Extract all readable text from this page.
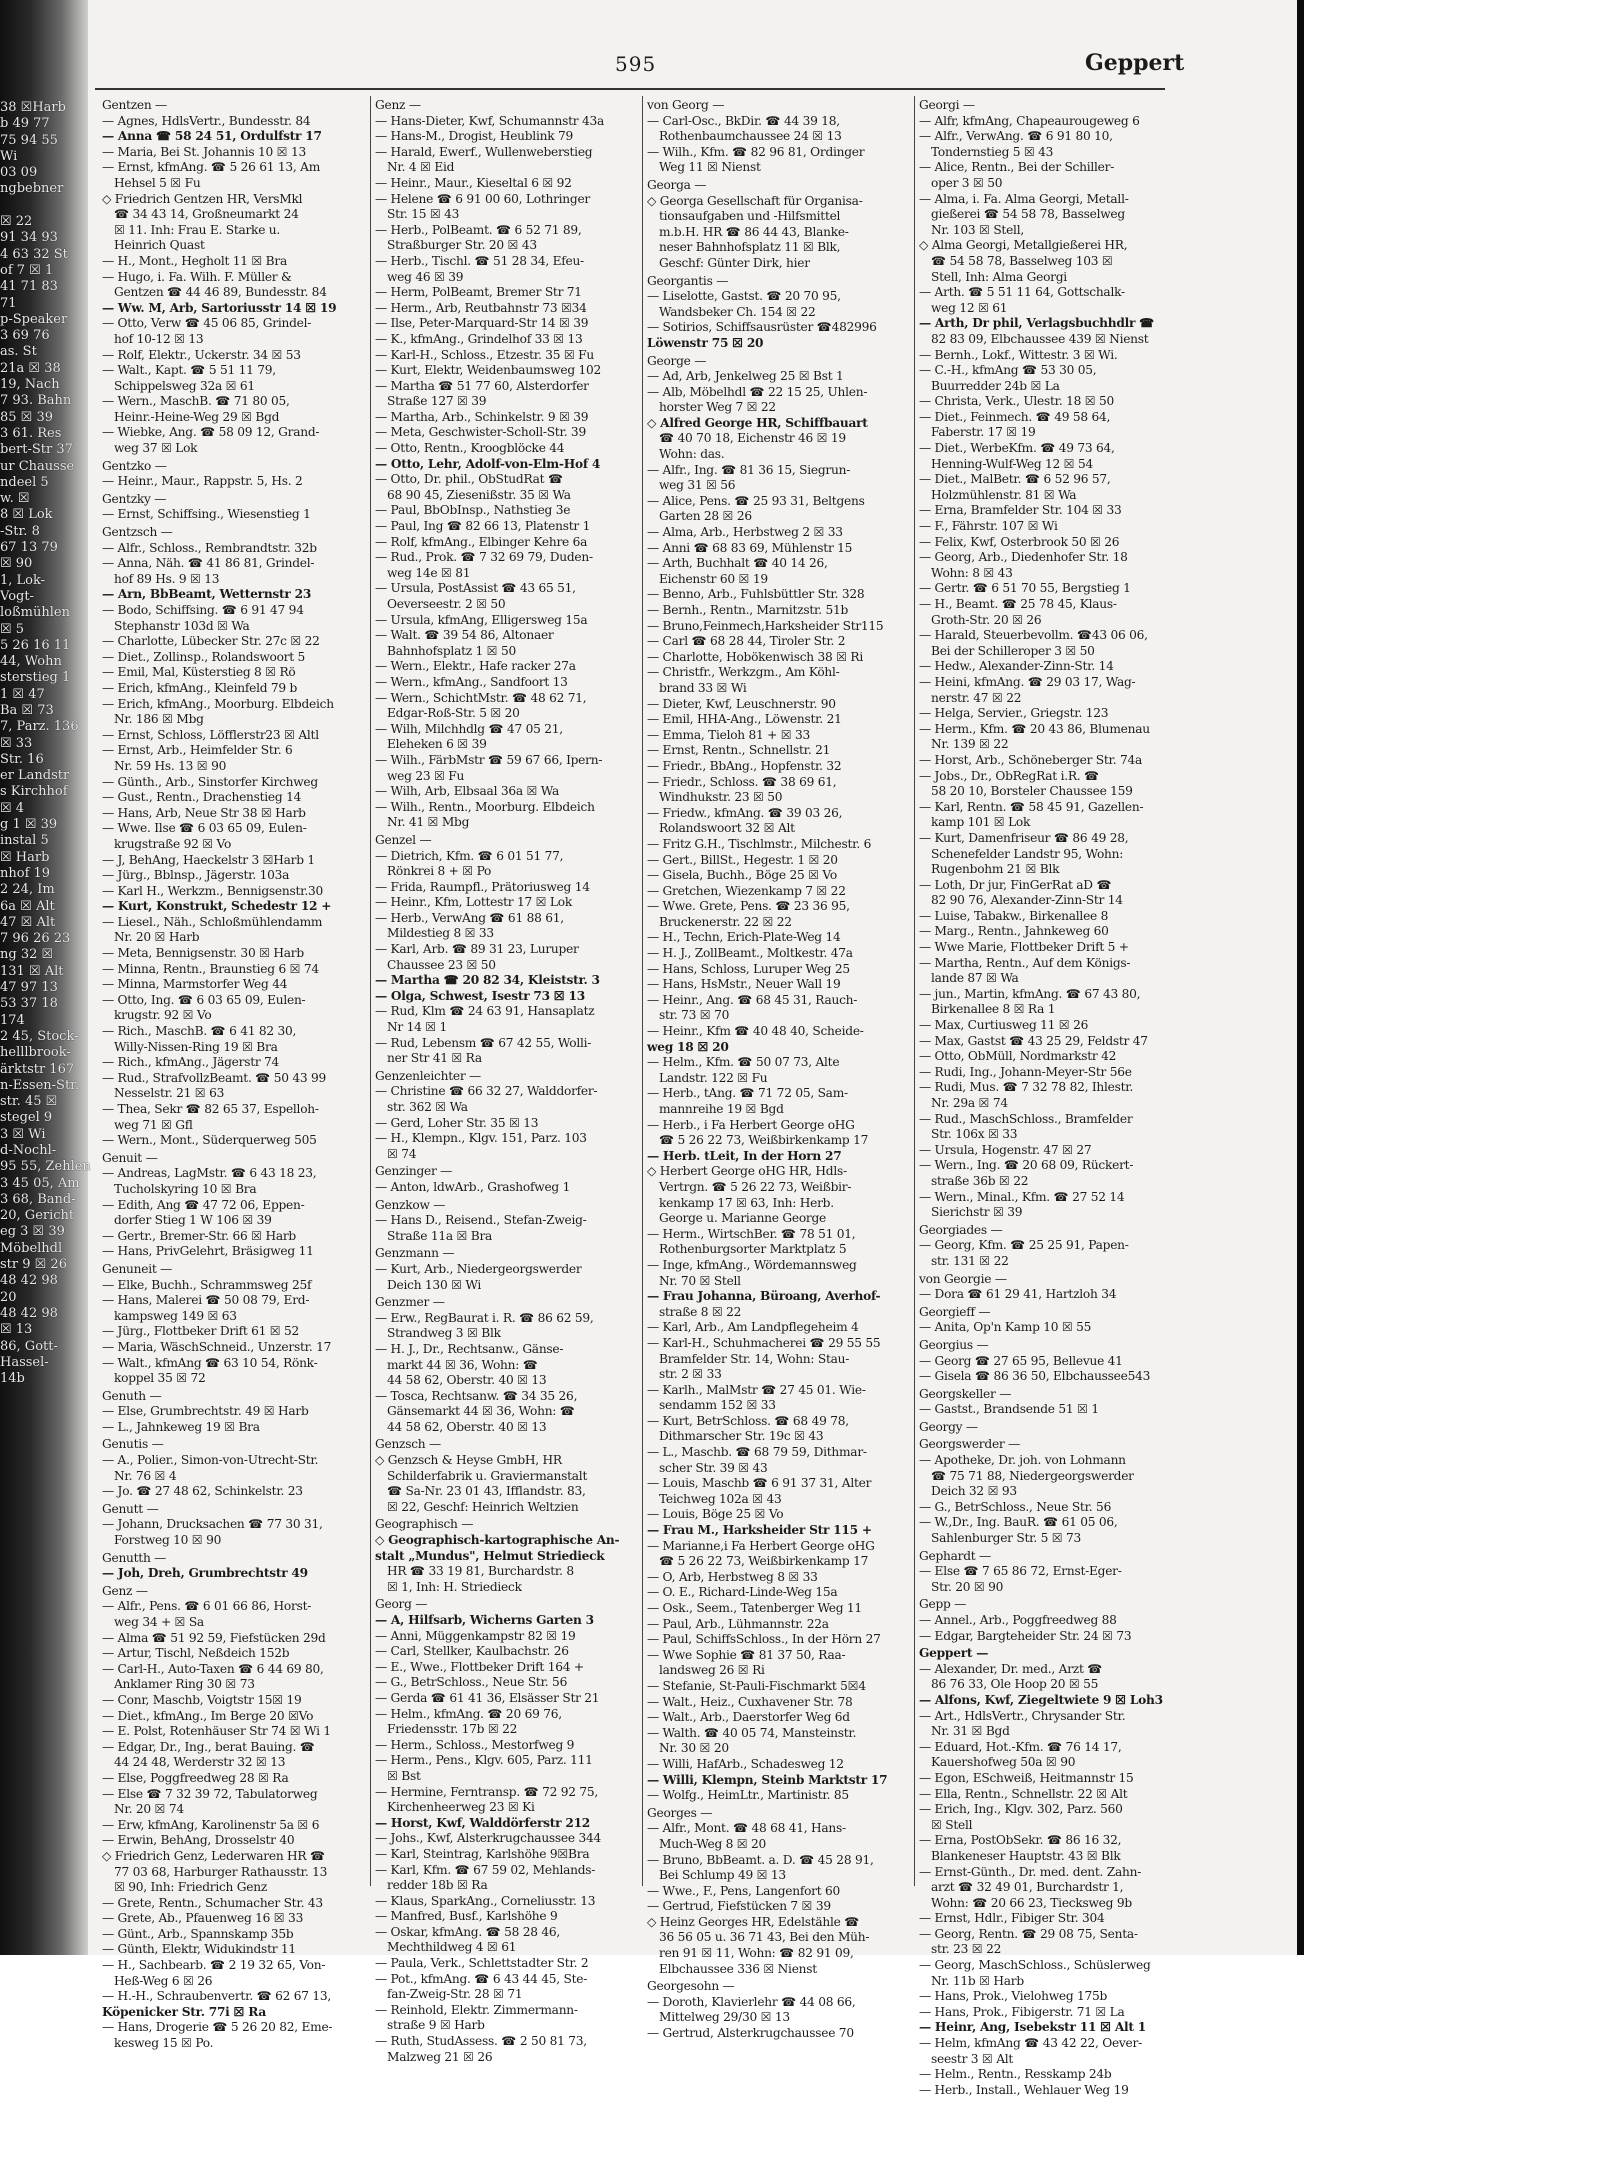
38 ☒Harb
b 49 77
75 94 55
Wi
03 09
ngbebner

☒ 22
91 34 93
4 63 32 St
of 7 ☒ 1
41 71 83
71
p-Speaker
3 69 76
as. St
21a ☒ 38
19, Nach
7 93. Bahn
85 ☒ 39
3 61. Res
bert-Str 37
ur Chausse
ndeel 5
w. ☒
8 ☒ Lok
-Str. 8
67 13 79
☒ 90
1, Lok-
Vogt-
loßmühlen
☒ 5
5 26 16 11
44, Wohn
sterstieg 1
1 ☒ 47
Ba ☒ 73
7, Parz. 136
☒ 33
Str. 16
er Landstr
s Kirchhof
☒ 4
g 1 ☒ 39
instal 5
☒ Harb
nhof 19
2 24, Im
6a ☒ Alt
47 ☒ Alt
7 96 26 23
ng 32 ☒
131 ☒ Alt
47 97 13
53 37 18
174
2 45, Stock-
helllbrook-
ärktstr 167
n-Essen-Str.
str. 45 ☒
stegel 9
3 ☒ Wi
d-Nochl-
95 55, Zehlen
3 45 05, Am
3 68, Band-
20, Gericht
eg 3 ☒ 39
Möbelhdl
str 9 ☒ 26
48 42 98
20
48 42 98
☒ 13
86, Gott-
Hassel-
14b
595	Geppert
Gentzen —
— Agnes, HdlsVertr., Bundesstr. 84
— Anna ☎ 58 24 51, Ordulfstr 17
— Maria, Bei St. Johannis 10 ☒ 13
— Ernst, kfmAng. ☎ 5 26 61 13, Am
Hehsel 5 ☒ Fu
◇ Friedrich Gentzen HR, VersMkl
☎ 34 43 14, Großneumarkt 24
☒ 11. Inh: Frau E. Starke u.
Heinrich Quast
— H., Mont., Hegholt 11 ☒ Bra
— Hugo, i. Fa. Wilh. F. Müller &
Gentzen ☎ 44 46 89, Bundesstr. 84
— Ww. M, Arb, Sartoriusstr 14 ☒ 19
— Otto, Verw ☎ 45 06 85, Grindel-
hof 10-12 ☒ 13
— Rolf, Elektr., Uckerstr. 34 ☒ 53
— Walt., Kapt. ☎ 5 51 11 79,
Schippelsweg 32a ☒ 61
— Wern., MaschB. ☎ 71 80 05,
Heinr.-Heine-Weg 29 ☒ Bgd
— Wiebke, Ang. ☎ 58 09 12, Grand-
weg 37 ☒ Lok
Gentzko —
— Heinr., Maur., Rappstr. 5, Hs. 2
Gentzky —
— Ernst, Schiffsing., Wiesenstieg 1
Gentzsch —
— Alfr., Schloss., Rembrandtstr. 32b
— Anna, Näh. ☎ 41 86 81, Grindel-
hof 89 Hs. 9 ☒ 13
— Arn, BbBeamt, Wetternstr 23
— Bodo, Schiffsing. ☎ 6 91 47 94
Stephanstr 103d ☒ Wa
— Charlotte, Lübecker Str. 27c ☒ 22
— Diet., Zollinsp., Rolandswoort 5
— Emil, Mal, Küsterstieg 8 ☒ Rö
— Erich, kfmAng., Kleinfeld 79 b
— Erich, kfmAng., Moorburg. Elbdeich
Nr. 186 ☒ Mbg
— Ernst, Schloss, Löfflerstr23 ☒ Altl
— Ernst, Arb., Heimfelder Str. 6
Nr. 59 Hs. 13 ☒ 90
— Günth., Arb., Sinstorfer Kirchweg
— Gust., Rentn., Drachenstieg 14
— Hans, Arb, Neue Str 38 ☒ Harb
— Wwe. Ilse ☎ 6 03 65 09, Eulen-
krugstraße 92 ☒ Vo
— J, BehAng, Haeckelstr 3 ☒Harb 1
— Jürg., Bblnsp., Jägerstr. 103a
— Karl H., Werkzm., Bennigsenstr.30
— Kurt, Konstrukt, Schedestr 12 +
— Liesel., Näh., Schloßmühlendamm
Nr. 20 ☒ Harb
— Meta, Bennigsenstr. 30 ☒ Harb
— Minna, Rentn., Braunstieg 6 ☒ 74
— Minna, Marmstorfer Weg 44
— Otto, Ing. ☎ 6 03 65 09, Eulen-
krugstr. 92 ☒ Vo
— Rich., MaschB. ☎ 6 41 82 30,
Willy-Nissen-Ring 19 ☒ Bra
— Rich., kfmAng., Jägerstr 74
— Rud., StrafvollzBeamt. ☎ 50 43 99
Nesselstr. 21 ☒ 63
— Thea, Sekr ☎ 82 65 37, Espelloh-
weg 71 ☒ Gfl
— Wern., Mont., Süderquerweg 505
Genuit —
— Andreas, LagMstr. ☎ 6 43 18 23,
Tucholskyring 10 ☒ Bra
— Edith, Ang ☎ 47 72 06, Eppen-
dorfer Stieg 1 W 106 ☒ 39
— Gertr., Bremer-Str. 66 ☒ Harb
— Hans, PrivGelehrt, Bräsigweg 11
Genuneit —
— Elke, Buchh., Schrammsweg 25f
— Hans, Malerei ☎ 50 08 79, Erd-
kampsweg 149 ☒ 63
— Jürg., Flottbeker Drift 61 ☒ 52
— Maria, WäschSchneid., Unzerstr. 17
— Walt., kfmAng ☎ 63 10 54, Rönk-
koppel 35 ☒ 72
Genuth —
— Else, Grumbrechtstr. 49 ☒ Harb
— L., Jahnkeweg 19 ☒ Bra
Genutis —
— A., Polier., Simon-von-Utrecht-Str.
Nr. 76 ☒ 4
— Jo. ☎ 27 48 62, Schinkelstr. 23
Genutt —
— Johann, Drucksachen ☎ 77 30 31,
Forstweg 10 ☒ 90
Genutth —
— Joh, Dreh, Grumbrechtstr 49
Genz —
— Alfr., Pens. ☎ 6 01 66 86, Horst-
weg 34 + ☒ Sa
— Alma ☎ 51 92 59, Fiefstücken 29d
— Artur, Tischl, Neßdeich 152b
— Carl-H., Auto-Taxen ☎ 6 44 69 80,
Anklamer Ring 30 ☒ 73
— Conr, Maschb, Voigtstr 15☒ 19
— Diet., kfmAng., Im Berge 20 ☒Vo
— E. Polst, Rotenhäuser Str 74 ☒ Wi 1
— Edgar, Dr., Ing., berat Bauing. ☎
44 24 48, Werderstr 32 ☒ 13
— Else, Poggfreedweg 28 ☒ Ra
— Else ☎ 7 32 39 72, Tabulatorweg
Nr. 20 ☒ 74
— Erw, kfmAng, Karolinenstr 5a ☒ 6
— Erwin, BehAng, Drosselstr 40
◇ Friedrich Genz, Lederwaren HR ☎
77 03 68, Harburger Rathausstr. 13
☒ 90, Inh: Friedrich Genz
— Grete, Rentn., Schumacher Str. 43
— Grete, Ab., Pfauenweg 16 ☒ 33
— Günt., Arb., Spannskamp 35b
— Günth, Elektr, Widukindstr 11
— H., Sachbearb. ☎ 2 19 32 65, Von-
Heß-Weg 6 ☒ 26
— H.-H., Schraubenvertr. ☎ 62 67 13,
Köpenicker Str. 77i ☒ Ra
— Hans, Drogerie ☎ 5 26 20 82, Eme-
kesweg 15 ☒ Po.
Genz —
— Hans-Dieter, Kwf, Schumannstr 43a
— Hans-M., Drogist, Heublink 79
— Harald, Ewerf., Wullenweberstieg
Nr. 4 ☒ Eid
— Heinr., Maur., Kieseltal 6 ☒ 92
— Helene ☎ 6 91 00 60, Lothringer
Str. 15 ☒ 43
— Herb., PolBeamt. ☎ 6 52 71 89,
Straßburger Str. 20 ☒ 43
— Herb., Tischl. ☎ 51 28 34, Efeu-
weg 46 ☒ 39
— Herm, PolBeamt, Bremer Str 71
— Herm., Arb, Reutbahnstr 73 ☒34
— Ilse, Peter-Marquard-Str 14 ☒ 39
— K., kfmAng., Grindelhof 33 ☒ 13
— Karl-H., Schloss., Etzestr. 35 ☒ Fu
— Kurt, Elektr, Weidenbaumsweg 102
— Martha ☎ 51 77 60, Alsterdorfer
Straße 127 ☒ 39
— Martha, Arb., Schinkelstr. 9 ☒ 39
— Meta, Geschwister-Scholl-Str. 39
— Otto, Rentn., Kroogblöcke 44
— Otto, Lehr, Adolf-von-Elm-Hof 4
— Otto, Dr. phil., ObStudRat ☎
68 90 45, Ziesenißstr. 35 ☒ Wa
— Paul, BbObInsp., Nathstieg 3e
— Paul, Ing ☎ 82 66 13, Platenstr 1
— Rolf, kfmAng., Elbinger Kehre 6a
— Rud., Prok. ☎ 7 32 69 79, Duden-
weg 14e ☒ 81
— Ursula, PostAssist ☎ 43 65 51,
Oeverseestr. 2 ☒ 50
— Ursula, kfmAng, Elligersweg 15a
— Walt. ☎ 39 54 86, Altonaer
Bahnhofsplatz 1 ☒ 50
— Wern., Elektr., Hafe racker 27a
— Wern., kfmAng., Sandfoort 13
— Wern., SchichtMstr. ☎ 48 62 71,
Edgar-Roß-Str. 5 ☒ 20
— Wilh, Milchhdlg ☎ 47 05 21,
Eleheken 6 ☒ 39
— Wilh., FärbMstr ☎ 59 67 66, Ipern-
weg 23 ☒ Fu
— Wilh, Arb, Elbsaal 36a ☒ Wa
— Wilh., Rentn., Moorburg. Elbdeich
Nr. 41 ☒ Mbg
Genzel —
— Dietrich, Kfm. ☎ 6 01 51 77,
Rönkrei 8 + ☒ Po
— Frida, Raumpfl., Prätoriusweg 14
— Heinr., Kfm, Lottestr 17 ☒ Lok
— Herb., VerwAng ☎ 61 88 61,
Mildestieg 8 ☒ 33
— Karl, Arb. ☎ 89 31 23, Luruper
Chaussee 23 ☒ 50
— Martha ☎ 20 82 34, Kleiststr. 3
— Olga, Schwest, Isestr 73 ☒ 13
— Rud, Klm ☎ 24 63 91, Hansaplatz
Nr 14 ☒ 1
— Rud, Lebensm ☎ 67 42 55, Wolli-
ner Str 41 ☒ Ra
Genzenleichter —
— Christine ☎ 66 32 27, Walddorfer-
str. 362 ☒ Wa
— Gerd, Loher Str. 35 ☒ 13
— H., Klempn., Klgv. 151, Parz. 103
☒ 74
Genzinger —
— Anton, ldwArb., Grashofweg 1
Genzkow —
— Hans D., Reisend., Stefan-Zweig-
Straße 11a ☒ Bra
Genzmann —
— Kurt, Arb., Niedergeorgswerder
Deich 130 ☒ Wi
Genzmer —
— Erw., RegBaurat i. R. ☎ 86 62 59,
Strandweg 3 ☒ Blk
— H. J., Dr., Rechtsanw., Gänse-
markt 44 ☒ 36, Wohn: ☎
44 58 62, Oberstr. 40 ☒ 13
— Tosca, Rechtsanw. ☎ 34 35 26,
Gänsemarkt 44 ☒ 36, Wohn: ☎
44 58 62, Oberstr. 40 ☒ 13
Genzsch —
◇ Genzsch & Heyse GmbH, HR
Schilderfabrik u. Graviermanstalt
☎ Sa-Nr. 23 01 43, Ifflandstr. 83,
☒ 22, Geschf: Heinrich Weltzien
Geographisch —
◇ Geographisch-kartographische An-
stalt „Mundus", Helmut Striedieck
HR ☎ 33 19 81, Burchardstr. 8
☒ 1, Inh: H. Striedieck
Georg —
— A, Hilfsarb, Wicherns Garten 3
— Anni, Müggenkampstr 82 ☒ 19
— Carl, Stellker, Kaulbachstr. 26
— E., Wwe., Flottbeker Drift 164 +
— G., BetrSchloss., Neue Str. 56
— Gerda ☎ 61 41 36, Elsässer Str 21
— Helm., kfmAng. ☎ 20 69 76,
Friedensstr. 17b ☒ 22
— Herm., Schloss., Mestorfweg 9
— Herm., Pens., Klgv. 605, Parz. 111
☒ Bst
— Hermine, Ferntransp. ☎ 72 92 75,
Kirchenheerweg 23 ☒ Ki
— Horst, Kwf, Walddörferstr 212
— Johs., Kwf, Alsterkrugchaussee 344
— Karl, Steintrag, Karlshöhe 9☒Bra
— Karl, Kfm. ☎ 67 59 02, Mehlands-
redder 18b ☒ Ra
— Klaus, SparkAng., Corneliusstr. 13
— Manfred, Busf., Karlshöhe 9
— Oskar, kfmAng. ☎ 58 28 46,
Mechthildweg 4 ☒ 61
— Paula, Verk., Schlettstadter Str. 2
— Pot., kfmAng. ☎ 6 43 44 45, Ste-
fan-Zweig-Str. 28 ☒ 71
— Reinhold, Elektr. Zimmermann-
straße 9 ☒ Harb
— Ruth, StudAssess. ☎ 2 50 81 73,
Malzweg 21 ☒ 26
von Georg —
— Carl-Osc., BkDir. ☎ 44 39 18,
Rothenbaumchaussee 24 ☒ 13
— Wilh., Kfm. ☎ 82 96 81, Ordinger
Weg 11 ☒ Nienst
Georga —
◇ Georga Gesellschaft für Organisa-
tionsaufgaben und -Hilfsmittel
m.b.H. HR ☎ 86 44 43, Blanke-
neser Bahnhofsplatz 11 ☒ Blk,
Geschf: Günter Dirk, hier
Georgantis —
— Liselotte, Gastst. ☎ 20 70 95,
Wandsbeker Ch. 154 ☒ 22
— Sotirios, Schiffsausrüster ☎482996
Löwenstr 75 ☒ 20
George —
— Ad, Arb, Jenkelweg 25 ☒ Bst 1
— Alb, Möbelhdl ☎ 22 15 25, Uhlen-
horster Weg 7 ☒ 22
◇ Alfred George HR, Schiffbauart
☎ 40 70 18, Eichenstr 46 ☒ 19
Wohn: das.
— Alfr., Ing. ☎ 81 36 15, Siegrun-
weg 31 ☒ 56
— Alice, Pens. ☎ 25 93 31, Beltgens
Garten 28 ☒ 26
— Alma, Arb., Herbstweg 2 ☒ 33
— Anni ☎ 68 83 69, Mühlenstr 15
— Arth, Buchhalt ☎ 40 14 26,
Eichenstr 60 ☒ 19
— Benno, Arb., Fuhlsbüttler Str. 328
— Bernh., Rentn., Marnitzstr. 51b
— Bruno,Feinmech,Harksheider Str115
— Carl ☎ 68 28 44, Tiroler Str. 2
— Charlotte, Hobökenwisch 38 ☒ Ri
— Christfr., Werkzgm., Am Köhl-
brand 33 ☒ Wi
— Dieter, Kwf, Leuschnerstr. 90
— Emil, HHA-Ang., Löwenstr. 21
— Emma, Tieloh 81 + ☒ 33
— Ernst, Rentn., Schnellstr. 21
— Friedr., BbAng., Hopfenstr. 32
— Friedr., Schloss. ☎ 38 69 61,
Windhukstr. 23 ☒ 50
— Friedw., kfmAng. ☎ 39 03 26,
Rolandswoort 32 ☒ Alt
— Fritz G.H., Tischlmstr., Milchestr. 6
— Gert., BillSt., Hegestr. 1 ☒ 20
— Gisela, Buchh., Böge 25 ☒ Vo
— Gretchen, Wiezenkamp 7 ☒ 22
— Wwe. Grete, Pens. ☎ 23 36 95,
Bruckenerstr. 22 ☒ 22
— H., Techn, Erich-Plate-Weg 14
— H. J., ZollBeamt., Moltkestr. 47a
— Hans, Schloss, Luruper Weg 25
— Hans, HsMstr., Neuer Wall 19
— Heinr., Ang. ☎ 68 45 31, Rauch-
str. 73 ☒ 70
— Heinr., Kfm ☎ 40 48 40, Scheide-
weg 18 ☒ 20
— Helm., Kfm. ☎ 50 07 73, Alte
Landstr. 122 ☒ Fu
— Herb., tAng. ☎ 71 72 05, Sam-
mannreihe 19 ☒ Bgd
— Herb., i Fa Herbert George oHG
☎ 5 26 22 73, Weißbirkenkamp 17
— Herb. tLeit, In der Horn 27
◇ Herbert George oHG HR, Hdls-
Vertrgn. ☎ 5 26 22 73, Weißbir-
kenkamp 17 ☒ 63, Inh: Herb.
George u. Marianne George
— Herm., WirtschBer. ☎ 78 51 01,
Rothenburgsorter Marktplatz 5
— Inge, kfmAng., Wördemannsweg
Nr. 70 ☒ Stell
— Frau Johanna, Büroang, Averhof-
straße 8 ☒ 22
— Karl, Arb., Am Landpflegeheim 4
— Karl-H., Schuhmacherei ☎ 29 55 55
Bramfelder Str. 14, Wohn: Stau-
str. 2 ☒ 33
— Karlh., MalMstr ☎ 27 45 01. Wie-
sendamm 152 ☒ 33
— Kurt, BetrSchloss. ☎ 68 49 78,
Dithmarscher Str. 19c ☒ 43
— L., Maschb. ☎ 68 79 59, Dithmar-
scher Str. 39 ☒ 43
— Louis, Maschb ☎ 6 91 37 31, Alter
Teichweg 102a ☒ 43
— Louis, Böge 25 ☒ Vo
— Frau M., Harksheider Str 115 +
— Marianne,i Fa Herbert George oHG
☎ 5 26 22 73, Weißbirkenkamp 17
— O, Arb, Herbstweg 8 ☒ 33
— O. E., Richard-Linde-Weg 15a
— Osk., Seem., Tatenberger Weg 11
— Paul, Arb., Lühmannstr. 22a
— Paul, SchiffsSchloss., In der Hörn 27
— Wwe Sophie ☎ 81 37 50, Raa-
landsweg 26 ☒ Ri
— Stefanie, St-Pauli-Fischmarkt 5☒4
— Walt., Heiz., Cuxhavener Str. 78
— Walt., Arb., Daerstorfer Weg 6d
— Walth. ☎ 40 05 74, Mansteinstr.
Nr. 30 ☒ 20
— Willi, HafArb., Schadesweg 12
— Willi, Klempn, Steinb Marktstr 17
— Wolfg., HeimLtr., Martinistr. 85
Georges —
— Alfr., Mont. ☎ 48 68 41, Hans-
Much-Weg 8 ☒ 20
— Bruno, BbBeamt. a. D. ☎ 45 28 91,
Bei Schlump 49 ☒ 13
— Wwe., F., Pens, Langenfort 60
— Gertrud, Fiefstücken 7 ☒ 39
◇ Heinz Georges HR, Edelstähle ☎
36 56 05 u. 36 71 43, Bei den Müh-
ren 91 ☒ 11, Wohn: ☎ 82 91 09,
Elbchaussee 336 ☒ Nienst
Georgesohn —
— Doroth, Klavierlehr ☎ 44 08 66,
Mittelweg 29/30 ☒ 13
— Gertrud, Alsterkrugchaussee 70
Georgi —
— Alfr, kfmAng, Chapeaurougeweg 6
— Alfr., VerwAng. ☎ 6 91 80 10,
Tondernstieg 5 ☒ 43
— Alice, Rentn., Bei der Schiller-
oper 3 ☒ 50
— Alma, i. Fa. Alma Georgi, Metall-
gießerei ☎ 54 58 78, Basselweg
Nr. 103 ☒ Stell,
◇ Alma Georgi, Metallgießerei HR,
☎ 54 58 78, Basselweg 103 ☒
Stell, Inh: Alma Georgi
— Arth. ☎ 5 51 11 64, Gottschalk-
weg 12 ☒ 61
— Arth, Dr phil, Verlagsbuchhdlr ☎
82 83 09, Elbchaussee 439 ☒ Nienst
— Bernh., Lokf., Wittestr. 3 ☒ Wi.
— C.-H., kfmAng ☎ 53 30 05,
Buurredder 24b ☒ La
— Christa, Verk., Ulestr. 18 ☒ 50
— Diet., Feinmech. ☎ 49 58 64,
Faberstr. 17 ☒ 19
— Diet., WerbeKfm. ☎ 49 73 64,
Henning-Wulf-Weg 12 ☒ 54
— Diet., MalBetr. ☎ 6 52 96 57,
Holzmühlenstr. 81 ☒ Wa
— Erna, Bramfelder Str. 104 ☒ 33
— F., Fährstr. 107 ☒ Wi
— Felix, Kwf, Osterbrook 50 ☒ 26
— Georg, Arb., Diedenhofer Str. 18
Wohn: 8 ☒ 43
— Gertr. ☎ 6 51 70 55, Bergstieg 1
— H., Beamt. ☎ 25 78 45, Klaus-
Groth-Str. 20 ☒ 26
— Harald, Steuerbevollm. ☎43 06 06,
Bei der Schilleroper 3 ☒ 50
— Hedw., Alexander-Zinn-Str. 14
— Heini, kfmAng. ☎ 29 03 17, Wag-
nerstr. 47 ☒ 22
— Helga, Servier., Griegstr. 123
— Herm., Kfm. ☎ 20 43 86, Blumenau
Nr. 139 ☒ 22
— Horst, Arb., Schöneberger Str. 74a
— Jobs., Dr., ObRegRat i.R. ☎
58 20 10, Borsteler Chaussee 159
— Karl, Rentn. ☎ 58 45 91, Gazellen-
kamp 101 ☒ Lok
— Kurt, Damenfriseur ☎ 86 49 28,
Schenefelder Landstr 95, Wohn:
Rugenbohm 21 ☒ Blk
— Loth, Dr jur, FinGerRat aD ☎
82 90 76, Alexander-Zinn-Str 14
— Luise, Tabakw., Birkenallee 8
— Marg., Rentn., Jahnkeweg 60
— Wwe Marie, Flottbeker Drift 5 +
— Martha, Rentn., Auf dem Königs-
lande 87 ☒ Wa
— jun., Martin, kfmAng. ☎ 67 43 80,
Birkenallee 8 ☒ Ra 1
— Max, Curtiusweg 11 ☒ 26
— Max, Gastst ☎ 43 25 29, Feldstr 47
— Otto, ObMüll, Nordmarkstr 42
— Rudi, Ing., Johann-Meyer-Str 56e
— Rudi, Mus. ☎ 7 32 78 82, Ihlestr.
Nr. 29a ☒ 74
— Rud., MaschSchloss., Bramfelder
Str. 106x ☒ 33
— Ursula, Hogenstr. 47 ☒ 27
— Wern., Ing. ☎ 20 68 09, Rückert-
straße 36b ☒ 22
— Wern., Minal., Kfm. ☎ 27 52 14
Sierichstr ☒ 39
Georgiades —
— Georg, Kfm. ☎ 25 25 91, Papen-
str. 131 ☒ 22
von Georgie —
— Dora ☎ 61 29 41, Hartzloh 34
Georgieff —
— Anita, Op'n Kamp 10 ☒ 55
Georgius —
— Georg ☎ 27 65 95, Bellevue 41
— Gisela ☎ 86 36 50, Elbchaussee543
Georgskeller —
— Gastst., Brandsende 51 ☒ 1
Georgy —
Georgswerder —
— Apotheke, Dr. joh. von Lohmann
☎ 75 71 88, Niedergeorgswerder
Deich 32 ☒ 93
— G., BetrSchloss., Neue Str. 56
— W.,Dr., Ing. BauR. ☎ 61 05 06,
Sahlenburger Str. 5 ☒ 73
Gephardt —
— Else ☎ 7 65 86 72, Ernst-Eger-
Str. 20 ☒ 90
Gepp —
— Annel., Arb., Poggfreedweg 88
— Edgar, Bargteheider Str. 24 ☒ 73
Geppert —
— Alexander, Dr. med., Arzt ☎
86 76 33, Ole Hoop 20 ☒ 55
— Alfons, Kwf, Ziegeltwiete 9 ☒ Loh3
— Art., HdlsVertr., Chrysander Str.
Nr. 31 ☒ Bgd
— Eduard, Hot.-Kfm. ☎ 76 14 17,
Kauershofweg 50a ☒ 90
— Egon, ESchweiß, Heitmannstr 15
— Ella, Rentn., Schnellstr. 22 ☒ Alt
— Erich, Ing., Klgv. 302, Parz. 560
☒ Stell
— Erna, PostObSekr. ☎ 86 16 32,
Blankeneser Hauptstr. 43 ☒ Blk
— Ernst-Günth., Dr. med. dent. Zahn-
arzt ☎ 32 49 01, Burchardstr 1,
Wohn: ☎ 20 66 23, Tiecksweg 9b
— Ernst, Hdlr., Fibiger Str. 304
— Georg, Rentn. ☎ 29 08 75, Senta-
str. 23 ☒ 22
— Georg, MaschSchloss., Schüslerweg
Nr. 11b ☒ Harb
— Hans, Prok., Vielohweg 175b
— Hans, Prok., Fibigerstr. 71 ☒ La
— Heinr, Ang, Isebekstr 11 ☒ Alt 1
— Helm, kfmAng ☎ 43 42 22, Oever-
seestr 3 ☒ Alt
— Helm., Rentn., Resskamp 24b
— Herb., Install., Wehlauer Weg 19
